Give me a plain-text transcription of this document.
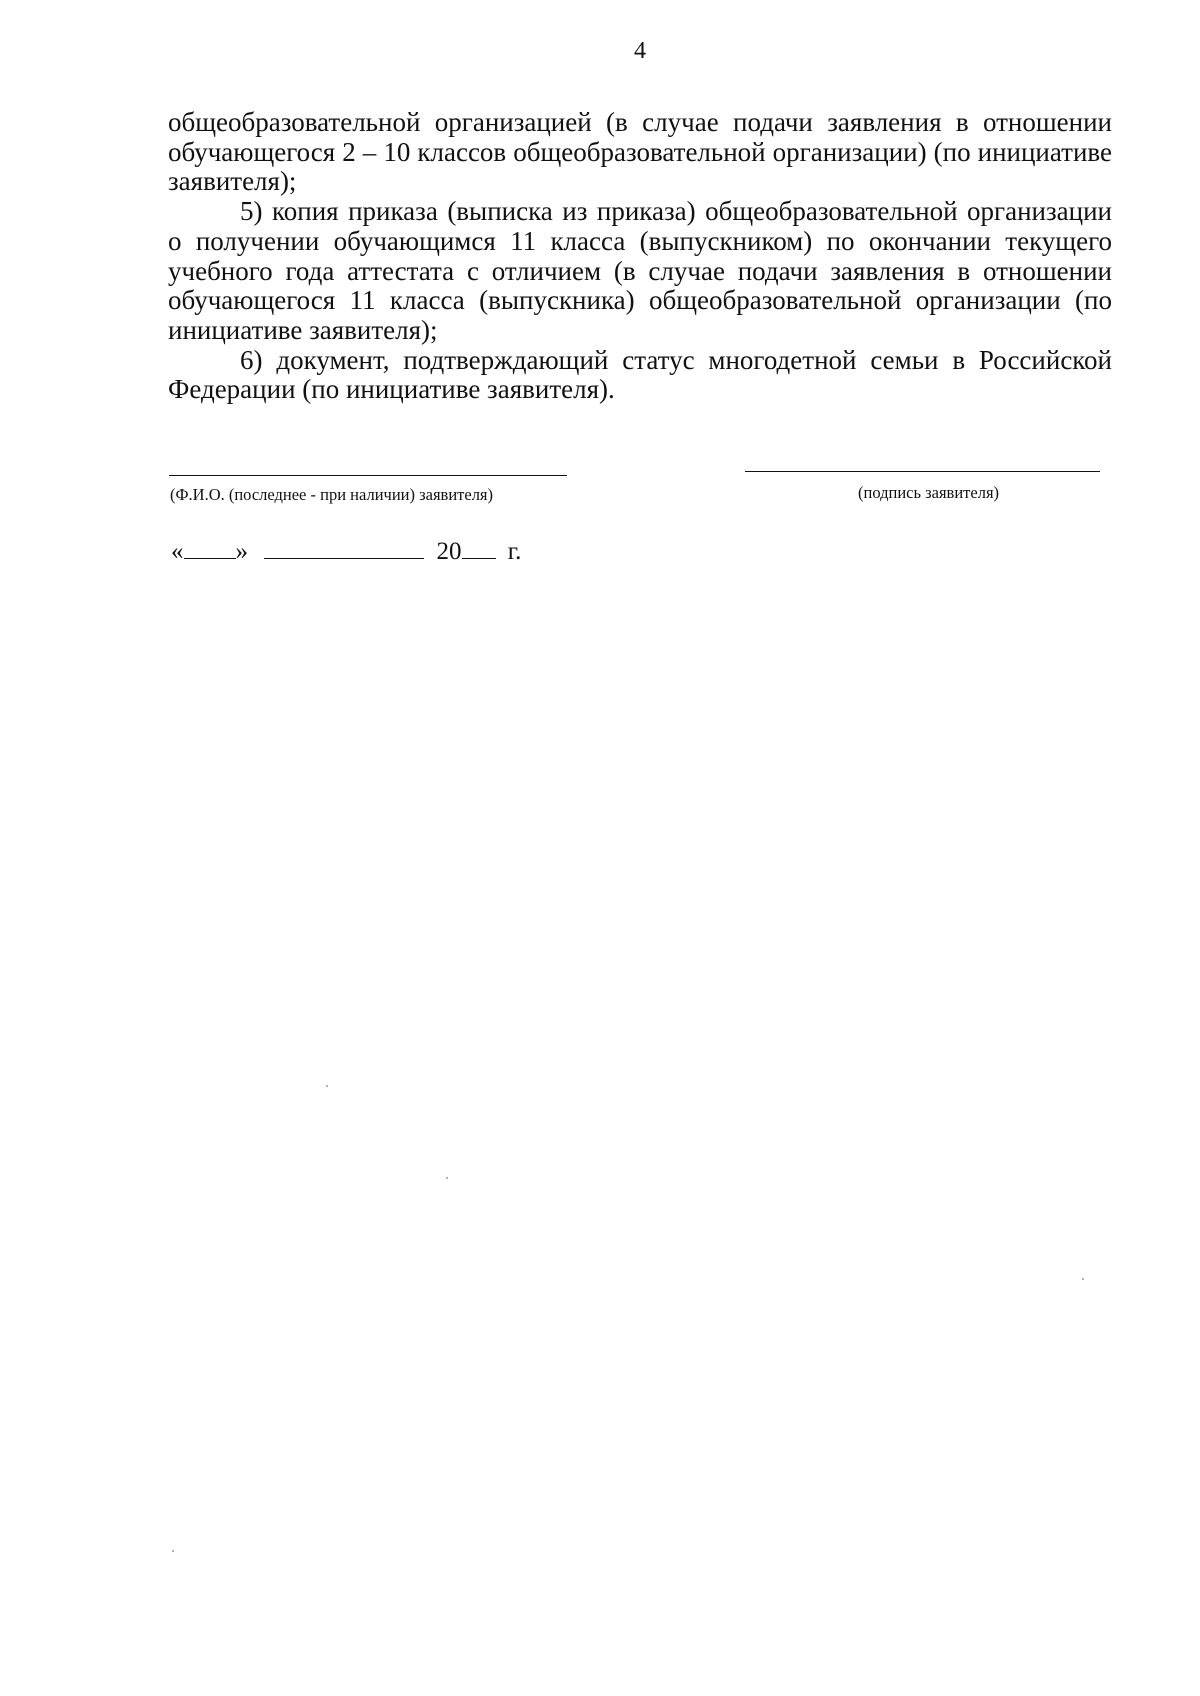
4

общеобразовательной организацией (в случае подачи заявления в отношении обучающегося 2 – 10 классов общеобразовательной организации) (по инициативе заявителя);

5) копия приказа (выписка из приказа) общеобразовательной организации о получении обучающимся 11 класса (выпускником) по окончании текущего учебного года аттестата с отличием (в случае подачи заявления в отношении обучающегося 11 класса (выпускника) общеобразовательной организации (по инициативе заявителя);

6) документ, подтверждающий статус многодетной семьи в Российской Федерации (по инициативе заявителя).

(Ф.И.О. (последнее - при наличии) заявителя)	(подпись заявителя)
« »	20 г.
